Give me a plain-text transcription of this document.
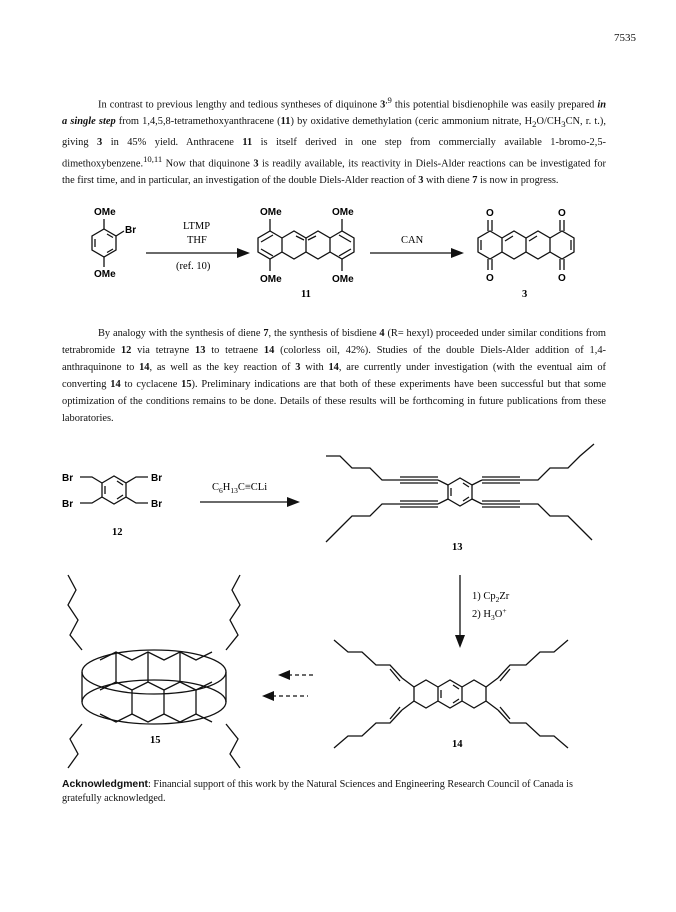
7535

In contrast to previous lengthy and tedious syntheses of diquinone $3^{,9}$ this potential bisdienophile was easily prepared in a single step from 1,4,5,8-tetramethoxyanthracene (11) by oxidative demethylation (ceric ammonium nitrate, $H_2O/CH_3CN$, r. t.), giving 3 in 45% yield. Anthracene 11 is itself derived in one step from commercially available 1-bromo-2,5-dimethoxybenzene.$^{10,11}$ Now that diquinone 3 is readily available, its reactivity in Diels-Alder reactions can be investigated for the first time, and in particular, an investigation of the double Diels-Alder reaction of 3 with diene 7 is now in progress.

OMe
OMe
Br
OMe	OMe
OMe	OMe
O	O
O	O
LTMP
THF
(ref. 10)
CAN
11	3

By analogy with the synthesis of diene 7, the synthesis of bisdiene 4 (R= hexyl) proceeded under similar conditions from tetrabromide 12 via tetrayne 13 to tetraene 14 (colorless oil, 42%). Studies of the double Diels-Alder addition of 1,4-anthraquinone to 14, as well as the key reaction of 3 with 14, are currently under investigation (with the eventual aim of converting 14 to cyclacene 15). Preliminary indications are that both of these experiments have been successful but that some optimization of the conditions remains to be done. Details of these results will be forthcoming in future publications from these laboratories.

Br	Br
Br	Br
12
$C_6H_{13}C\equiv CLi$
13
1) $Cp_2Zr$
2) $H_3O^+$
14
15

Acknowledgment: Financial support of this work by the Natural Sciences and Engineering Research Council of Canada is gratefully acknowledged.
